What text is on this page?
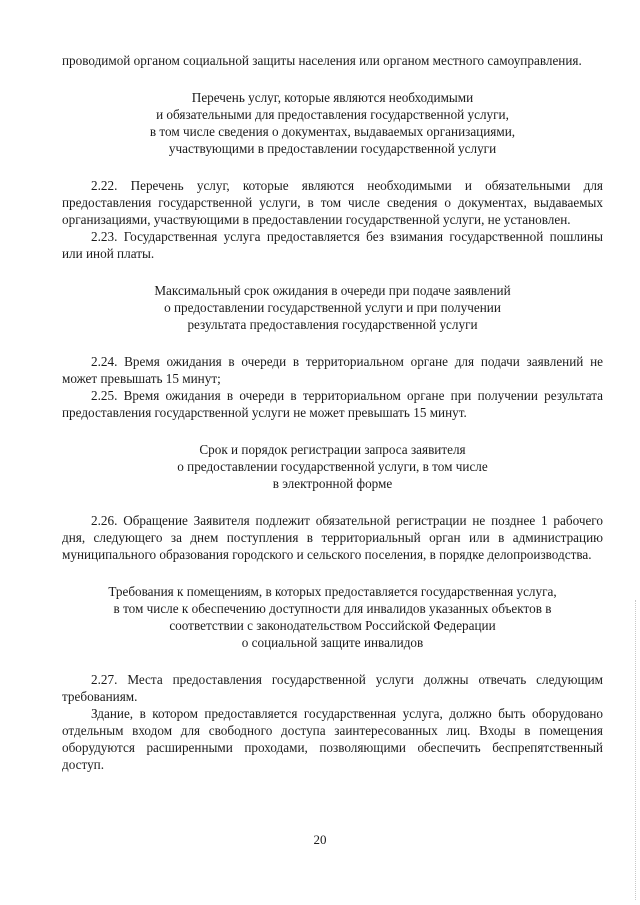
проводимой органом социальной защиты населения или органом местного самоуправления.

Перечень услуг, которые являются необходимыми
и обязательными для предоставления государственной услуги,
в том числе сведения о документах, выдаваемых организациями,
участвующими в предоставлении государственной услуги

2.22. Перечень услуг, которые являются необходимыми и обязательными для предоставления государственной услуги, в том числе сведения о документах, выдаваемых организациями, участвующими в предоставлении государственной услуги, не установлен.

2.23. Государственная услуга предоставляется без взимания государственной пошлины или иной платы.

Максимальный срок ожидания в очереди при подаче заявлений
о предоставлении государственной услуги и при получении
результата предоставления государственной услуги

2.24. Время ожидания в очереди в территориальном органе для подачи заявлений не может превышать 15 минут;

2.25. Время ожидания в очереди в территориальном органе при получении результата предоставления государственной услуги не может превышать 15 минут.

Срок и порядок регистрации запроса заявителя
о предоставлении государственной услуги, в том числе
в электронной форме

2.26. Обращение Заявителя подлежит обязательной регистрации не позднее 1 рабочего дня, следующего за днем поступления в территориальный орган или в администрацию муниципального образования городского и сельского поселения, в порядке делопроизводства.

Требования к помещениям, в которых предоставляется государственная услуга,
в том числе к обеспечению доступности для инвалидов указанных объектов в
соответствии с законодательством Российской Федерации
о социальной защите инвалидов

2.27. Места предоставления государственной услуги должны отвечать следующим требованиям.

Здание, в котором предоставляется государственная услуга, должно быть оборудовано отдельным входом для свободного доступа заинтересованных лиц. Входы в помещения оборудуются расширенными проходами, позволяющими обеспечить беспрепятственный доступ.

20
